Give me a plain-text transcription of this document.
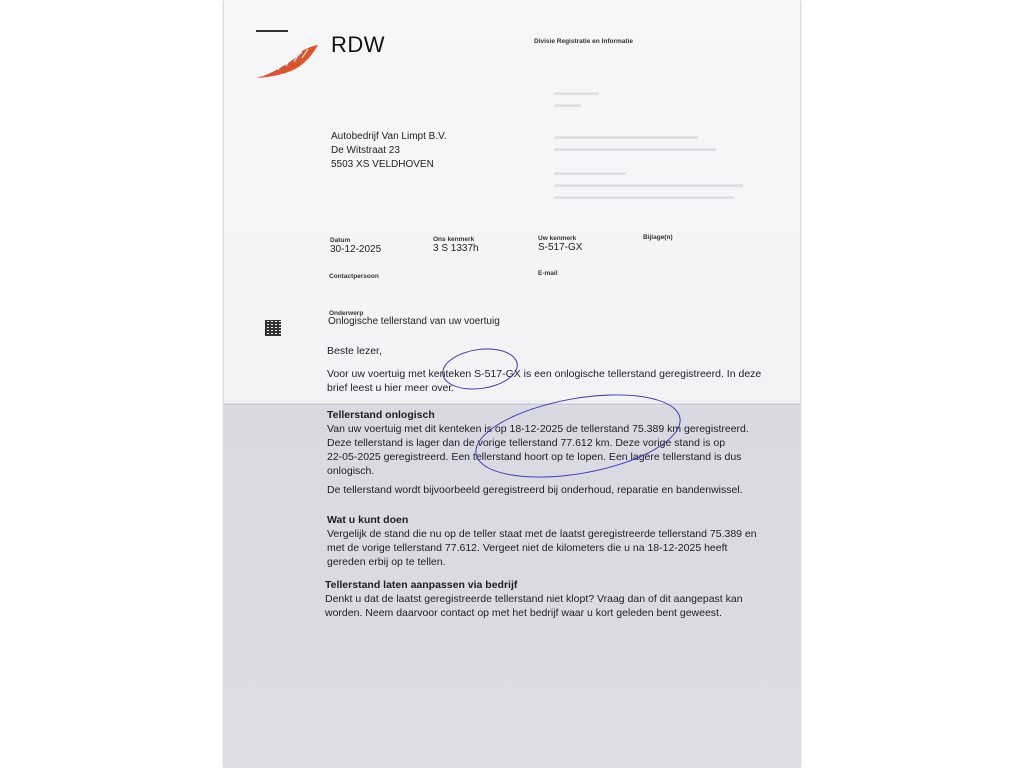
RDW	Divisie Registratie en Informatie
▬▬▬▬▬
▬▬▬
▬▬▬▬▬▬▬▬▬▬▬▬▬▬▬▬
▬▬▬▬▬▬▬▬▬▬▬▬▬▬▬▬▬▬

▬▬▬▬▬▬▬▬
▬▬▬▬▬▬▬▬▬▬▬▬▬▬▬▬▬▬▬▬▬
▬▬▬▬▬▬▬▬▬▬▬▬▬▬▬▬▬▬▬▬
Autobedrijf Van Limpt B.V.
De Witstraat 23
5503 XS VELDHOVEN
Datum
30-12-2025
Ons kenmerk
3 S 1337h
Uw kenmerk
S-517-GX
Bijlage(n)
Contactpersoon	E-mail
Onderwerp
Onlogische tellerstand van uw voertuig
Beste lezer,
Voor uw voertuig met kenteken S-517-GX is een onlogische tellerstand geregistreerd. In deze
brief leest u hier meer over.
Tellerstand onlogisch
Van uw voertuig met dit kenteken is op 18-12-2025 de tellerstand 75.389 km geregistreerd.
Deze tellerstand is lager dan de vorige tellerstand 77.612 km. Deze vorige stand is op
22-05-2025 geregistreerd. Een tellerstand hoort op te lopen. Een lagere tellerstand is dus
onlogisch.
De tellerstand wordt bijvoorbeeld geregistreerd bij onderhoud, reparatie en bandenwissel.
Wat u kunt doen
Vergelijk de stand die nu op de teller staat met de laatst geregistreerde tellerstand 75.389 en
met de vorige tellerstand 77.612. Vergeet niet de kilometers die u na 18-12-2025 heeft
gereden erbij op te tellen.
Tellerstand laten aanpassen via bedrijf
Denkt u dat de laatst geregistreerde tellerstand niet klopt? Vraag dan of dit aangepast kan
worden. Neem daarvoor contact op met het bedrijf waar u kort geleden bent geweest.
